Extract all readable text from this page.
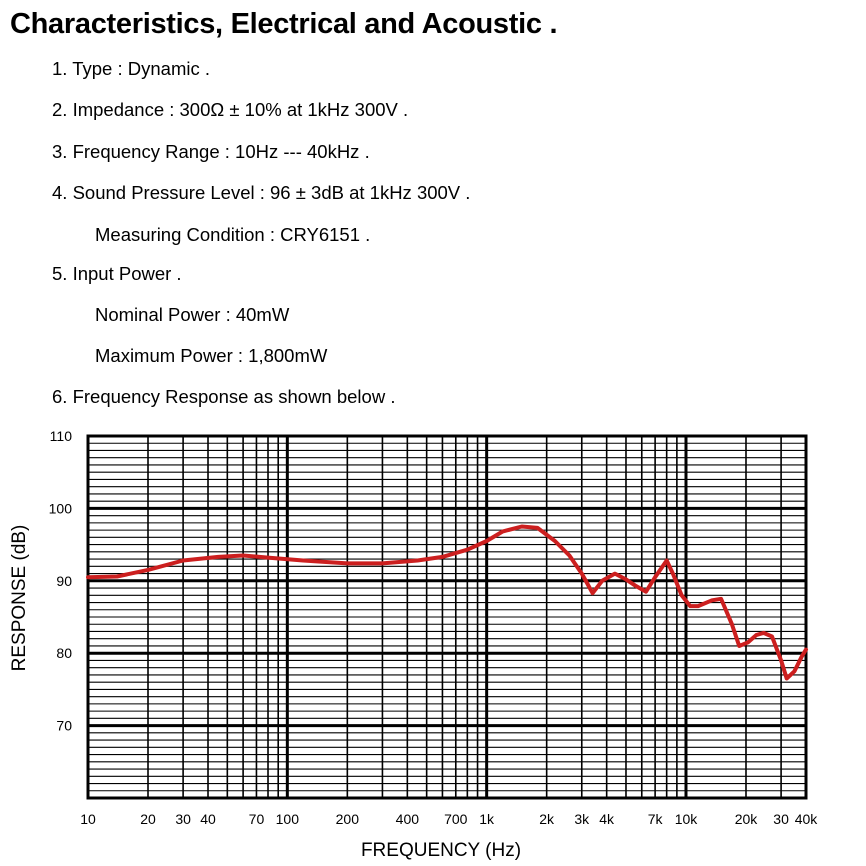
Characteristics, Electrical and Acoustic .
1. Type : Dynamic .
2. Impedance : 300Ω ± 10% at 1kHz 300V .
3. Frequency Range : 10Hz --- 40kHz .
4. Sound Pressure Level : 96 ± 3dB at 1kHz 300V .
Measuring Condition : CRY6151 .
5. Input Power .
Nominal Power : 40mW
Maximum Power : 1,800mW
6. Frequency Response as shown below .
10	20 30 40 70 100	200	400 700 1k	2k 3k 4k 7k 10k	20k 30 40k
110
100
90
80
70
RESPONSE (dB)
FREQUENCY (Hz)
